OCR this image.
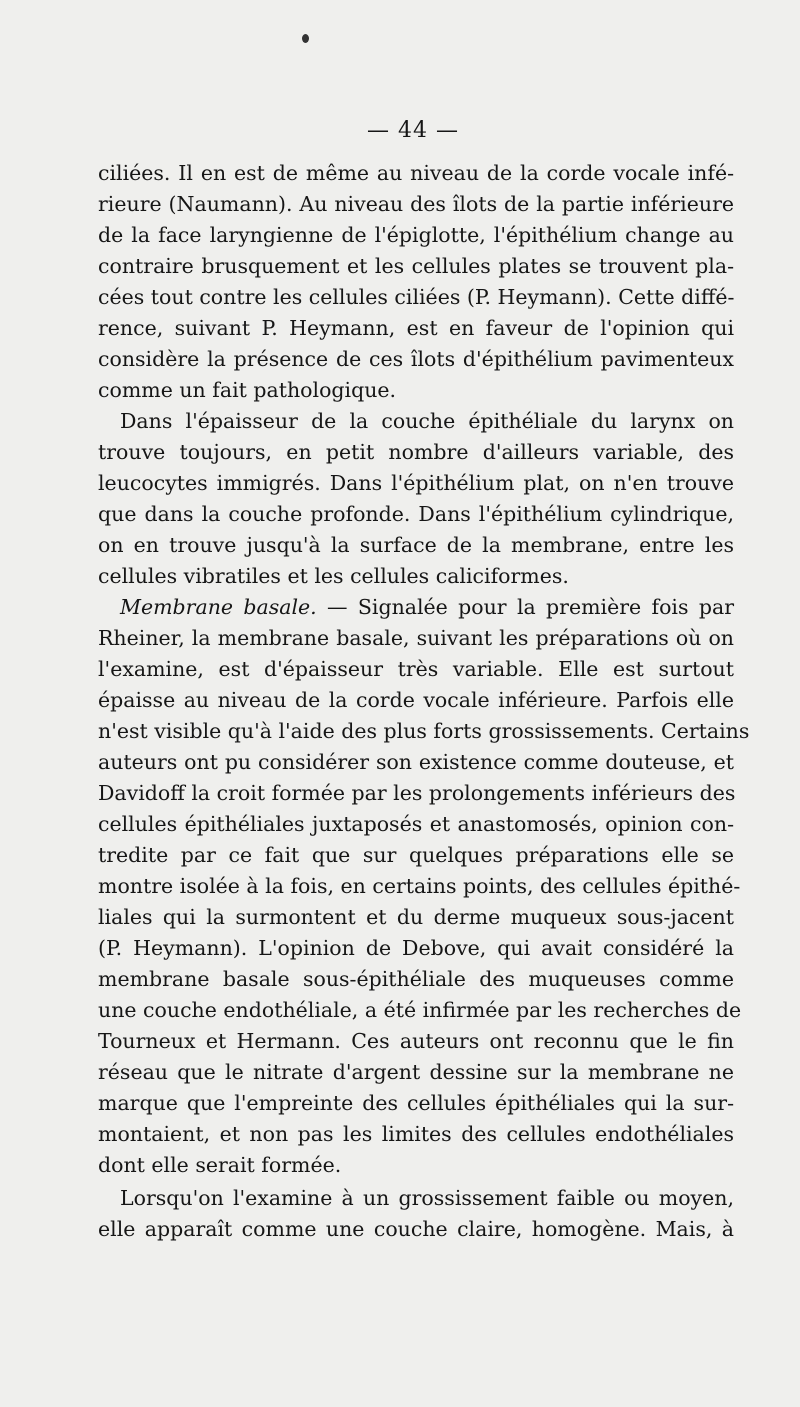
— 44 —
ciliées. Il en est de même au niveau de la corde vocale infé-
rieure (Naumann). Au niveau des îlots de la partie inférieure
de la face laryngienne de l'épiglotte, l'épithélium change au
contraire brusquement et les cellules plates se trouvent pla-
cées tout contre les cellules ciliées (P. Heymann). Cette diffé-
rence, suivant P. Heymann, est en faveur de l'opinion qui
considère la présence de ces îlots d'épithélium pavimenteux
comme un fait pathologique.
Dans l'épaisseur de la couche épithéliale du larynx on
trouve toujours, en petit nombre d'ailleurs variable, des
leucocytes immigrés. Dans l'épithélium plat, on n'en trouve
que dans la couche profonde. Dans l'épithélium cylindrique,
on en trouve jusqu'à la surface de la membrane, entre les
cellules vibratiles et les cellules caliciformes.
Membrane basale. — Signalée pour la première fois par
Rheiner, la membrane basale, suivant les préparations où on
l'examine, est d'épaisseur très variable. Elle est surtout
épaisse au niveau de la corde vocale inférieure. Parfois elle
n'est visible qu'à l'aide des plus forts grossissements. Certains
auteurs ont pu considérer son existence comme douteuse, et
Davidoff la croit formée par les prolongements inférieurs des
cellules épithéliales juxtaposés et anastomosés, opinion con-
tredite par ce fait que sur quelques préparations elle se
montre isolée à la fois, en certains points, des cellules épithé-
liales qui la surmontent et du derme muqueux sous-jacent
(P. Heymann). L'opinion de Debove, qui avait considéré la
membrane basale sous-épithéliale des muqueuses comme
une couche endothéliale, a été infirmée par les recherches de
Tourneux et Hermann. Ces auteurs ont reconnu que le fin
réseau que le nitrate d'argent dessine sur la membrane ne
marque que l'empreinte des cellules épithéliales qui la sur-
montaient, et non pas les limites des cellules endothéliales
dont elle serait formée.
Lorsqu'on l'examine à un grossissement faible ou moyen,
elle apparaît comme une couche claire, homogène. Mais, à
